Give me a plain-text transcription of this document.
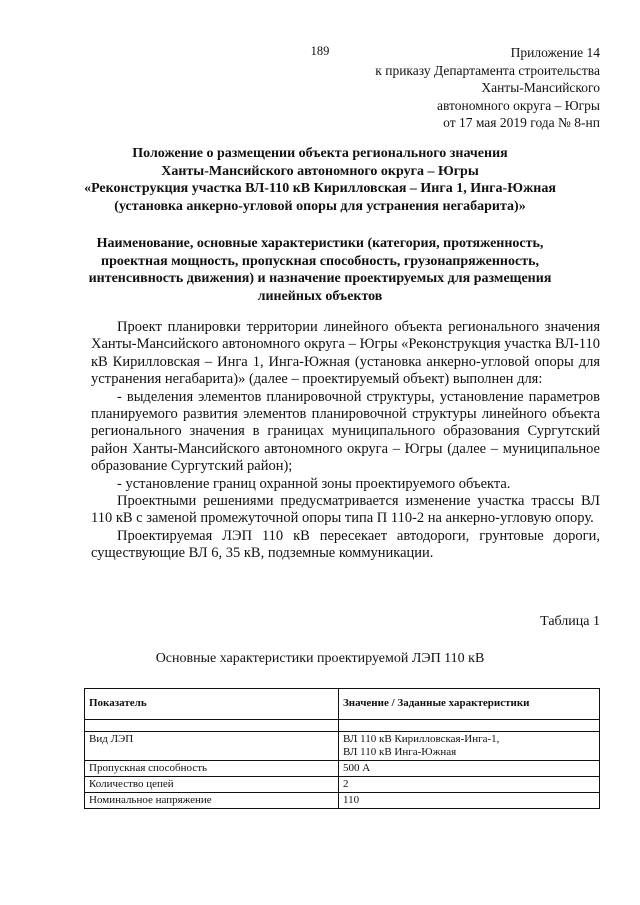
189	Приложение 14
к приказу Департамента строительства
Ханты-Мансийского
автономного округа – Югры
от 17 мая 2019 года № 8-нп
Положение о размещении объекта регионального значения
Ханты-Мансийского автономного округа – Югры
«Реконструкция участка ВЛ-110 кВ Кирилловская – Инга 1, Инга-Южная
(установка анкерно-угловой опоры для устранения негабарита)»
Наименование, основные характеристики (категория, протяженность,
проектная мощность, пропускная способность, грузонапряженность,
интенсивность движения) и назначение проектируемых для размещения
линейных объектов

Проект планировки территории линейного объекта регионального значения Ханты-Мансийского автономного округа – Югры «Реконструкция участка ВЛ-110 кВ Кирилловская – Инга 1, Инга-Южная (установка анкерно-угловой опоры для устранения негабарита)» (далее – проектируемый объект) выполнен для:

- выделения элементов планировочной структуры, установление параметров планируемого развития элементов планировочной структуры линейного объекта регионального значения в границах муниципального образования Сургутский район Ханты-Мансийского автономного округа – Югры (далее – муниципальное образование Сургутский район);

- установление границ охранной зоны проектируемого объекта.

Проектными решениями предусматривается изменение участка трассы ВЛ 110 кВ с заменой промежуточной опоры типа П 110-2 на анкерно-угловую опору.

Проектируемая ЛЭП 110 кВ пересекает автодороги, грунтовые дороги, существующие ВЛ 6, 35 кВ, подземные коммуникации.

Таблица 1
Основные характеристики проектируемой ЛЭП 110 кВ
Показатель	Значение / Заданные характеристики

Вид ЛЭП	ВЛ 110 кВ Кирилловская-Инга-1,
ВЛ 110 кВ Инга-Южная

Пропускная способность	500 А
Количество цепей	2
Номинальное напряжение	110
